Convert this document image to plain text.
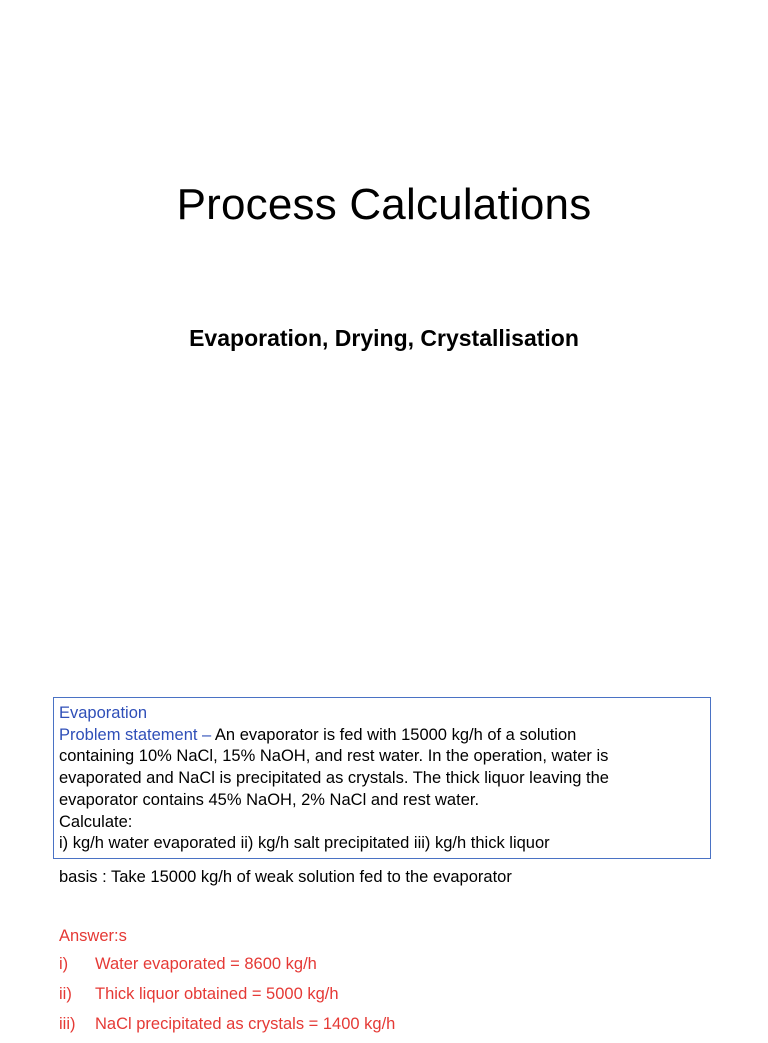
Process Calculations
Evaporation, Drying, Crystallisation
Evaporation
Problem statement – An evaporator is fed with 15000 kg/h of a solution
containing 10% NaCl, 15% NaOH, and rest water. In the operation, water is
evaporated and NaCl is precipitated as crystals. The thick liquor leaving the
evaporator contains 45% NaOH, 2% NaCl and rest water.
Calculate:
i) kg/h water evaporated ii) kg/h salt precipitated iii) kg/h thick liquor
basis : Take 15000 kg/h of weak solution fed to the evaporator
Answer:s
i) Water evaporated = 8600 kg/h
ii) Thick liquor obtained = 5000 kg/h
iii) NaCl precipitated as crystals = 1400 kg/h
